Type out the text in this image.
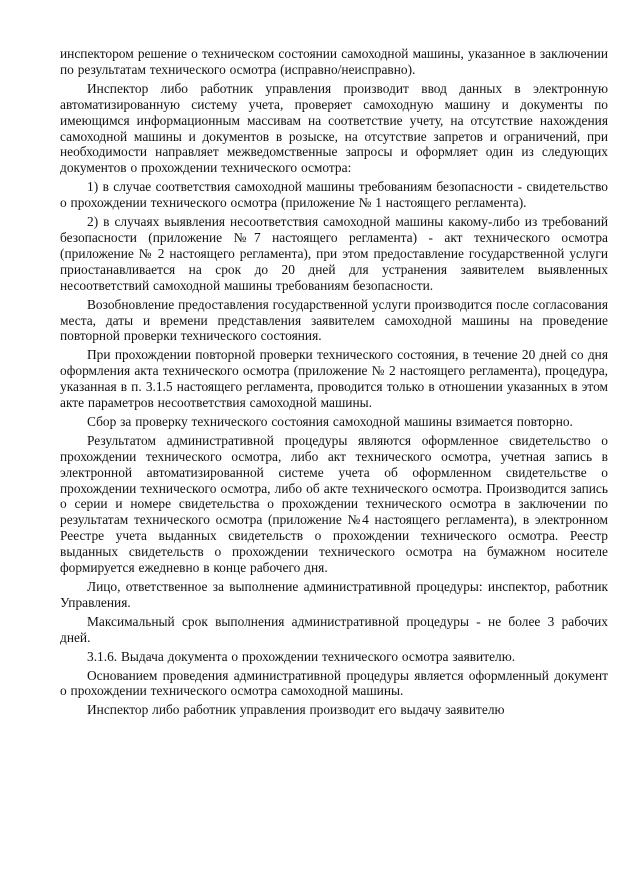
инспектором решение о техническом состоянии самоходной машины, указанное в заключении по результатам технического осмотра (исправно/неисправно).

Инспектор либо работник управления производит ввод данных в электронную автоматизированную систему учета, проверяет самоходную машину и документы по имеющимся информационным массивам на соответствие учету, на отсутствие нахождения самоходной машины и документов в розыске, на отсутствие запретов и ограничений, при необходимости направляет межведомственные запросы и оформляет один из следующих документов о прохождении технического осмотра:

1) в случае соответствия самоходной машины требованиям безопасности - свидетельство о прохождении технического осмотра (приложение № 1 настоящего регламента).

2) в случаях выявления несоответствия самоходной машины какому-либо из требований безопасности (приложение №7 настоящего регламента) - акт технического осмотра (приложение № 2 настоящего регламента), при этом предоставление государственной услуги приостанавливается на срок до 20 дней для устранения заявителем выявленных несоответствий самоходной машины требованиям безопасности.

Возобновление предоставления государственной услуги производится после согласования места, даты и времени представления заявителем самоходной машины на проведение повторной проверки технического состояния.

При прохождении повторной проверки технического состояния, в течение 20 дней со дня оформления акта технического осмотра (приложение № 2 настоящего регламента), процедура, указанная в п. 3.1.5 настоящего регламента, проводится только в отношении указанных в этом акте параметров несоответствия самоходной машины.

Сбор за проверку технического состояния самоходной машины взимается повторно.

Результатом административной процедуры являются оформленное свидетельство о прохождении технического осмотра, либо акт технического осмотра, учетная запись в электронной автоматизированной системе учета об оформленном свидетельстве о прохождении технического осмотра, либо об акте технического осмотра. Производится запись о серии и номере свидетельства о прохождении технического осмотра в заключении по результатам технического осмотра (приложение №4 настоящего регламента), в электронном Реестре учета выданных свидетельств о прохождении технического осмотра. Реестр выданных свидетельств о прохождении технического осмотра на бумажном носителе формируется ежедневно в конце рабочего дня.

Лицо, ответственное за выполнение административной процедуры: инспектор, работник Управления.

Максимальный срок выполнения административной процедуры - не более 3 рабочих дней.

3.1.6. Выдача документа о прохождении технического осмотра заявителю.

Основанием проведения административной процедуры является оформленный документ о прохождении технического осмотра самоходной машины.

Инспектор либо работник управления производит его выдачу заявителю
